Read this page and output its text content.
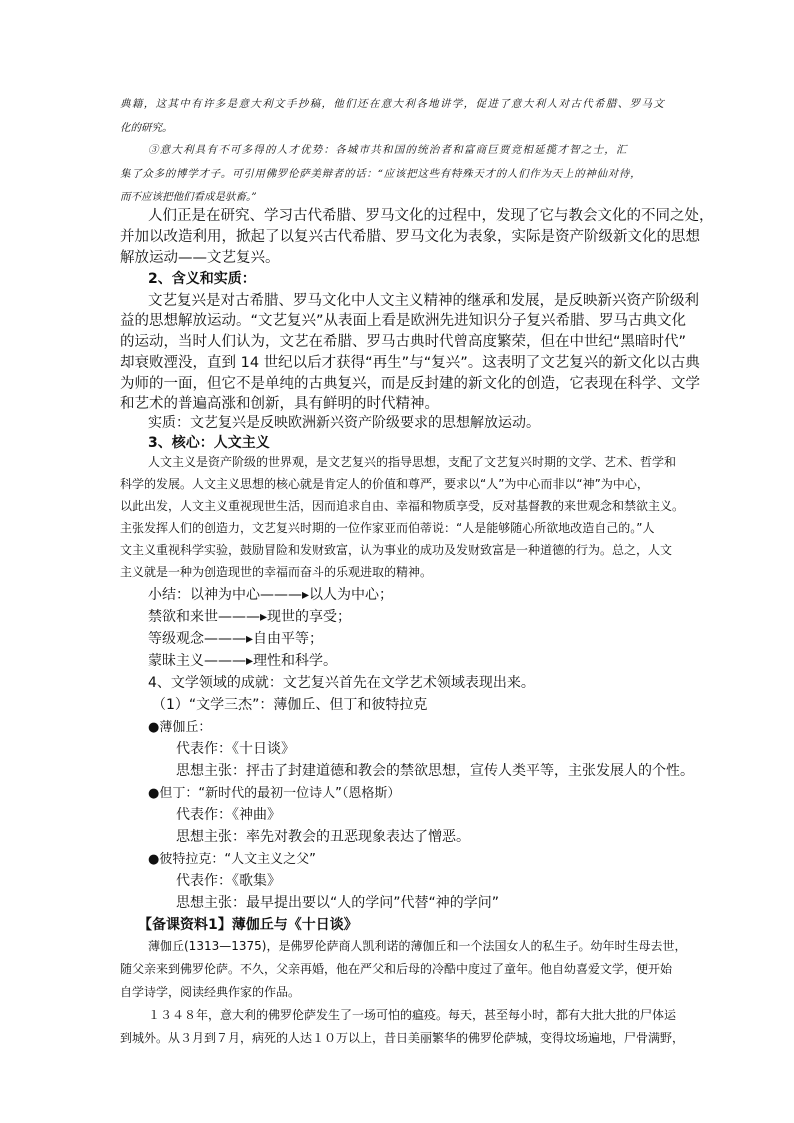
典籍，这其中有许多是意大利文手抄稿，他们还在意大利各地讲学，促进了意大利人对古代希腊、罗马文
化的研究。
③意大利具有不可多得的人才优势：各城市共和国的统治者和富商巨贾竞相延揽才智之士，汇
集了众多的博学才子。可引用佛罗伦萨美辩者的话：“应该把这些有特殊天才的人们作为天上的神仙对待，
而不应该把他们看成是驮畜。”
人们正是在研究、学习古代希腊、罗马文化的过程中，发现了它与教会文化的不同之处，
并加以改造利用，掀起了以复兴古代希腊、罗马文化为表象，实际是资产阶级新文化的思想
解放运动——文艺复兴。
2、含义和实质：
文艺复兴是对古希腊、罗马文化中人文主义精神的继承和发展，是反映新兴资产阶级利
益的思想解放运动。“文艺复兴”从表面上看是欧洲先进知识分子复兴希腊、罗马古典文化
的运动，当时人们认为，文艺在希腊、罗马古典时代曾高度繁荣，但在中世纪“黑暗时代”
却衰败湮没，直到 14 世纪以后才获得“再生”与“复兴”。这表明了文艺复兴的新文化以古典
为师的一面，但它不是单纯的古典复兴，而是反封建的新文化的创造，它表现在科学、文学
和艺术的普遍高涨和创新，具有鲜明的时代精神。
实质：文艺复兴是反映欧洲新兴资产阶级要求的思想解放运动。
3、核心：人文主义
人文主义是资产阶级的世界观，是文艺复兴的指导思想，支配了文艺复兴时期的文学、艺术、哲学和
科学的发展。人文主义思想的核心就是肯定人的价值和尊严，要求以“人”为中心而非以“神”为中心，
以此出发，人文主义重视现世生活，因而追求自由、幸福和物质享受，反对基督教的来世观念和禁欲主义。
主张发挥人们的创造力，文艺复兴时期的一位作家亚而伯蒂说：“人是能够随心所欲地改造自己的。”人
文主义重视科学实验，鼓励冒险和发财致富，认为事业的成功及发财致富是一种道德的行为。总之，人文
主义就是一种为创造现世的幸福而奋斗的乐观进取的精神。
小结：以神为中心———▸以人为中心；
禁欲和来世———▸现世的享受；
等级观念———▸自由平等；
蒙昧主义———▸理性和科学。
4、文学领域的成就：文艺复兴首先在文学艺术领域表现出来。
（1）“文学三杰”：薄伽丘、但丁和彼特拉克
●薄伽丘：
代表作：《十日谈》
思想主张：抨击了封建道德和教会的禁欲思想，宣传人类平等，主张发展人的个性。
●但丁：“新时代的最初一位诗人”（恩格斯）
代表作：《神曲》
思想主张：率先对教会的丑恶现象表达了憎恶。
●彼特拉克：“人文主义之父”
代表作：《歌集》
思想主张：最早提出要以“人的学问”代替“神的学问”
【备课资料1】薄伽丘与《十日谈》
薄伽丘(1313—1375)，是佛罗伦萨商人凯利诺的薄伽丘和一个法国女人的私生子。幼年时生母去世，
随父亲来到佛罗伦萨。不久，父亲再婚，他在严父和后母的冷酷中度过了童年。他自幼喜爱文学，便开始
自学诗学，阅读经典作家的作品。
１３４８年，意大利的佛罗伦萨发生了一场可怕的瘟疫。每天，甚至每小时，都有大批大批的尸体运
到城外。从３月到７月，病死的人达１０万以上，昔日美丽繁华的佛罗伦萨城，变得坟场遍地，尸骨满野，
